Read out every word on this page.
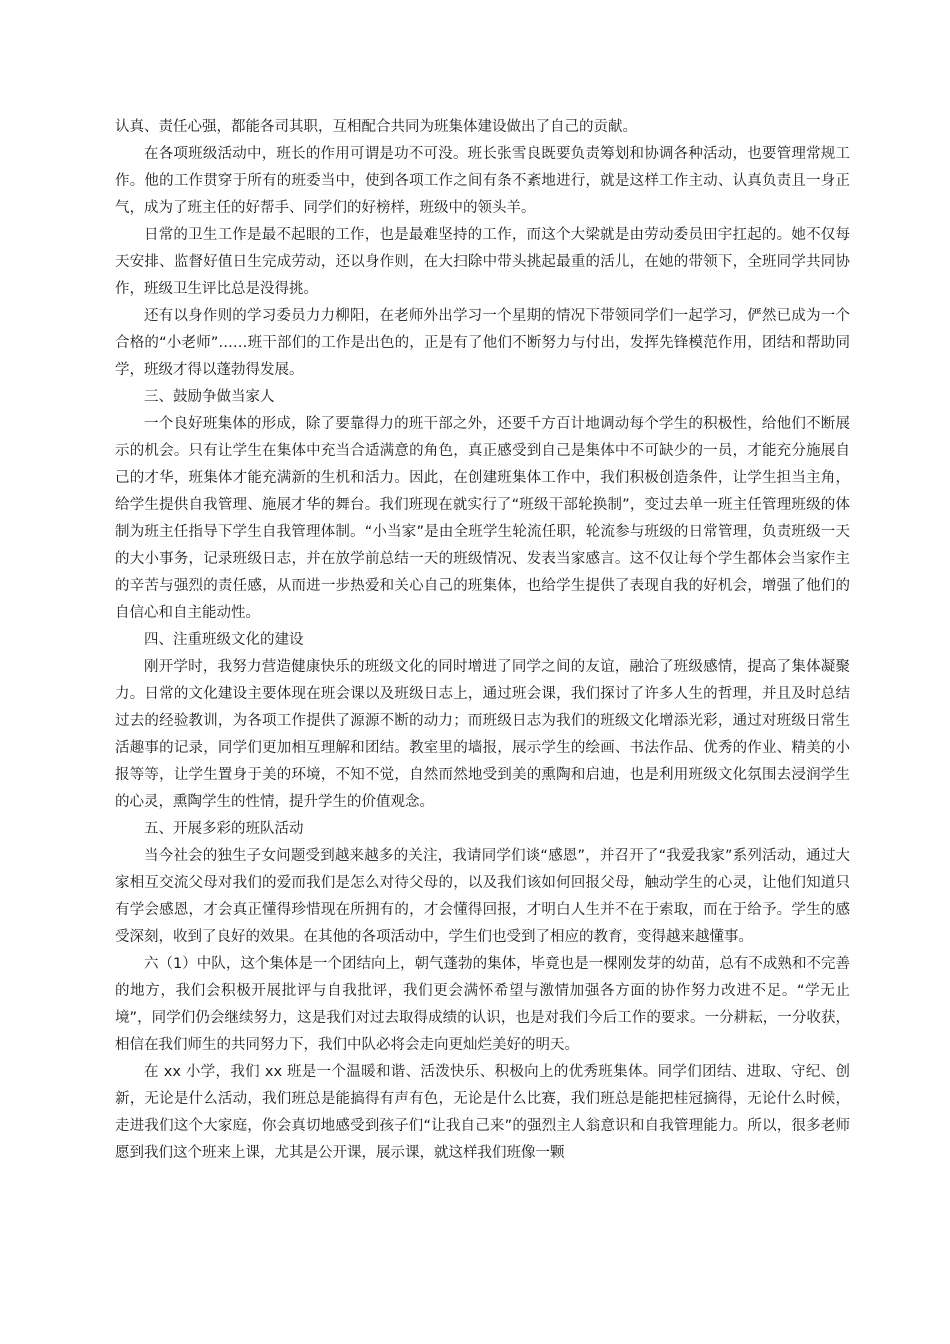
认真、责任心强，都能各司其职，互相配合共同为班集体建设做出了自己的贡献。

在各项班级活动中，班长的作用可谓是功不可没。班长张雪良既要负责筹划和协调各种活动，也要管理常规工作。他的工作贯穿于所有的班委当中，使到各项工作之间有条不紊地进行，就是这样工作主动、认真负责且一身正气，成为了班主任的好帮手、同学们的好榜样，班级中的领头羊。

日常的卫生工作是最不起眼的工作，也是最难坚持的工作，而这个大梁就是由劳动委员田宇扛起的。她不仅每天安排、监督好值日生完成劳动，还以身作则，在大扫除中带头挑起最重的活儿，在她的带领下，全班同学共同协作，班级卫生评比总是没得挑。

还有以身作则的学习委员力力柳阳，在老师外出学习一个星期的情况下带领同学们一起学习，俨然已成为一个合格的“小老师”……班干部们的工作是出色的，正是有了他们不断努力与付出，发挥先锋模范作用，团结和帮助同学，班级才得以蓬勃得发展。

三、鼓励争做当家人

一个良好班集体的形成，除了要靠得力的班干部之外，还要千方百计地调动每个学生的积极性，给他们不断展示的机会。只有让学生在集体中充当合适满意的角色，真正感受到自己是集体中不可缺少的一员，才能充分施展自己的才华，班集体才能充满新的生机和活力。因此，在创建班集体工作中，我们积极创造条件，让学生担当主角，给学生提供自我管理、施展才华的舞台。我们班现在就实行了“班级干部轮换制”，变过去单一班主任管理班级的体制为班主任指导下学生自我管理体制。“小当家”是由全班学生轮流任职，轮流参与班级的日常管理，负责班级一天的大小事务，记录班级日志，并在放学前总结一天的班级情况、发表当家感言。这不仅让每个学生都体会当家作主的辛苦与强烈的责任感，从而进一步热爱和关心自己的班集体，也给学生提供了表现自我的好机会，增强了他们的自信心和自主能动性。

四、注重班级文化的建设

刚开学时，我努力营造健康快乐的班级文化的同时增进了同学之间的友谊，融洽了班级感情，提高了集体凝聚力。日常的文化建设主要体现在班会课以及班级日志上，通过班会课，我们探讨了许多人生的哲理，并且及时总结过去的经验教训，为各项工作提供了源源不断的动力；而班级日志为我们的班级文化增添光彩，通过对班级日常生活趣事的记录，同学们更加相互理解和团结。教室里的墙报，展示学生的绘画、书法作品、优秀的作业、精美的小报等等，让学生置身于美的环境，不知不觉，自然而然地受到美的熏陶和启迪，也是利用班级文化氛围去浸润学生的心灵，熏陶学生的性情，提升学生的价值观念。

五、开展多彩的班队活动

当今社会的独生子女问题受到越来越多的关注，我请同学们谈“感恩”，并召开了“我爱我家”系列活动，通过大家相互交流父母对我们的爱而我们是怎么对待父母的，以及我们该如何回报父母，触动学生的心灵，让他们知道只有学会感恩，才会真正懂得珍惜现在所拥有的，才会懂得回报，才明白人生并不在于索取，而在于给予。学生的感受深刻，收到了良好的效果。在其他的各项活动中，学生们也受到了相应的教育，变得越来越懂事。

六（1）中队，这个集体是一个团结向上，朝气蓬勃的集体，毕竟也是一棵刚发芽的幼苗，总有不成熟和不完善的地方，我们会积极开展批评与自我批评，我们更会满怀希望与激情加强各方面的协作努力改进不足。“学无止境”，同学们仍会继续努力，这是我们对过去取得成绩的认识，也是对我们今后工作的要求。一分耕耘，一分收获，相信在我们师生的共同努力下，我们中队必将会走向更灿烂美好的明天。

在 xx 小学，我们 xx 班是一个温暖和谐、活泼快乐、积极向上的优秀班集体。同学们团结、进取、守纪、创新，无论是什么活动，我们班总是能搞得有声有色，无论是什么比赛，我们班总是能把桂冠摘得，无论什么时候，走进我们这个大家庭，你会真切地感受到孩子们“让我自己来”的强烈主人翁意识和自我管理能力。所以，很多老师愿到我们这个班来上课，尤其是公开课，展示课，就这样我们班像一颗
